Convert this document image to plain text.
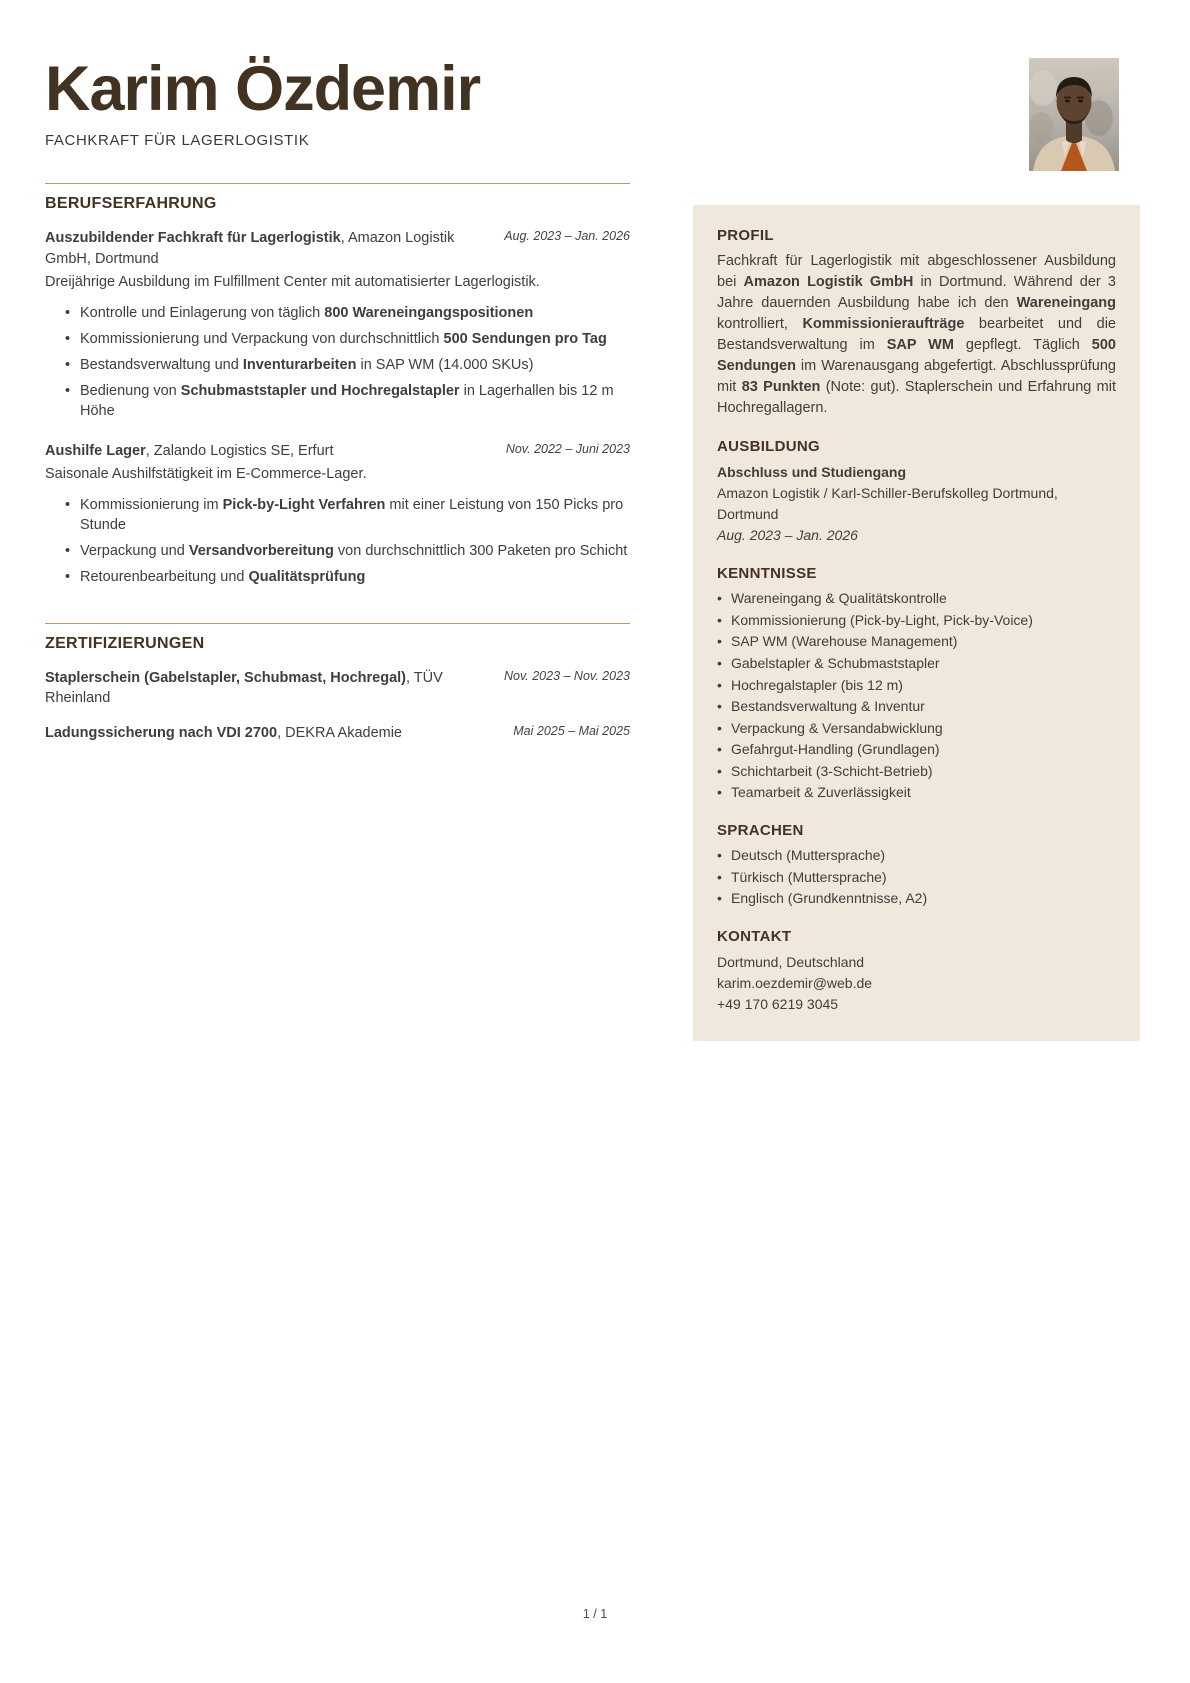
Karim Özdemir
FACHKRAFT FÜR LAGERLOGISTIK
BERUFSERFAHRUNG
Auszubildender Fachkraft für Lagerlogistik, Amazon Logistik GmbH, Dortmund
Aug. 2023 – Jan. 2026
Dreijährige Ausbildung im Fulfillment Center mit automatisierter Lagerlogistik.
• Kontrolle und Einlagerung von täglich 800 Wareneingangspositionen
• Kommissionierung und Verpackung von durchschnittlich 500 Sendungen pro Tag
• Bestandsverwaltung und Inventurarbeiten in SAP WM (14.000 SKUs)
• Bedienung von Schubmaststapler und Hochregalstapler in Lagerhallen bis 12 m Höhe
Aushilfe Lager, Zalando Logistics SE, Erfurt	Nov. 2022 – Juni 2023
Saisonale Aushilfstätigkeit im E-Commerce-Lager.
• Kommissionierung im Pick-by-Light Verfahren mit einer Leistung von 150 Picks pro Stunde
• Verpackung und Versandvorbereitung von durchschnittlich 300 Paketen pro Schicht
• Retourenbearbeitung und Qualitätsprüfung
ZERTIFIZIERUNGEN
Staplerschein (Gabelstapler, Schubmast, Hochregal), TÜV Rheinland
Nov. 2023 – Nov. 2023
Ladungssicherung nach VDI 2700, DEKRA Akademie	Mai 2025 – Mai 2025
PROFIL

Fachkraft für Lagerlogistik mit abgeschlossener Ausbildung bei Amazon Logistik GmbH in Dortmund. Während der 3 Jahre dauernden Ausbildung habe ich den Wareneingang kontrolliert, Kommissionieraufträge bearbeitet und die Bestandsverwaltung im SAP WM gepflegt. Täglich 500 Sendungen im Warenausgang abgefertigt. Abschlussprüfung mit 83 Punkten (Note: gut). Staplerschein und Erfahrung mit Hochregallagern.

AUSBILDUNG
Abschluss und Studiengang
Amazon Logistik / Karl-Schiller-Berufskolleg Dortmund, Dortmund
Aug. 2023 – Jan. 2026
KENNTNISSE
• Wareneingang & Qualitätskontrolle
• Kommissionierung (Pick-by-Light, Pick-by-Voice)
• SAP WM (Warehouse Management)
• Gabelstapler & Schubmaststapler
• Hochregalstapler (bis 12 m)
• Bestandsverwaltung & Inventur
• Verpackung & Versandabwicklung
• Gefahrgut-Handling (Grundlagen)
• Schichtarbeit (3-Schicht-Betrieb)
• Teamarbeit & Zuverlässigkeit
SPRACHEN
• Deutsch (Muttersprache)
• Türkisch (Muttersprache)
• Englisch (Grundkenntnisse, A2)
KONTAKT
Dortmund, Deutschland
karim.oezdemir@web.de
+49 170 6219 3045
1 / 1
